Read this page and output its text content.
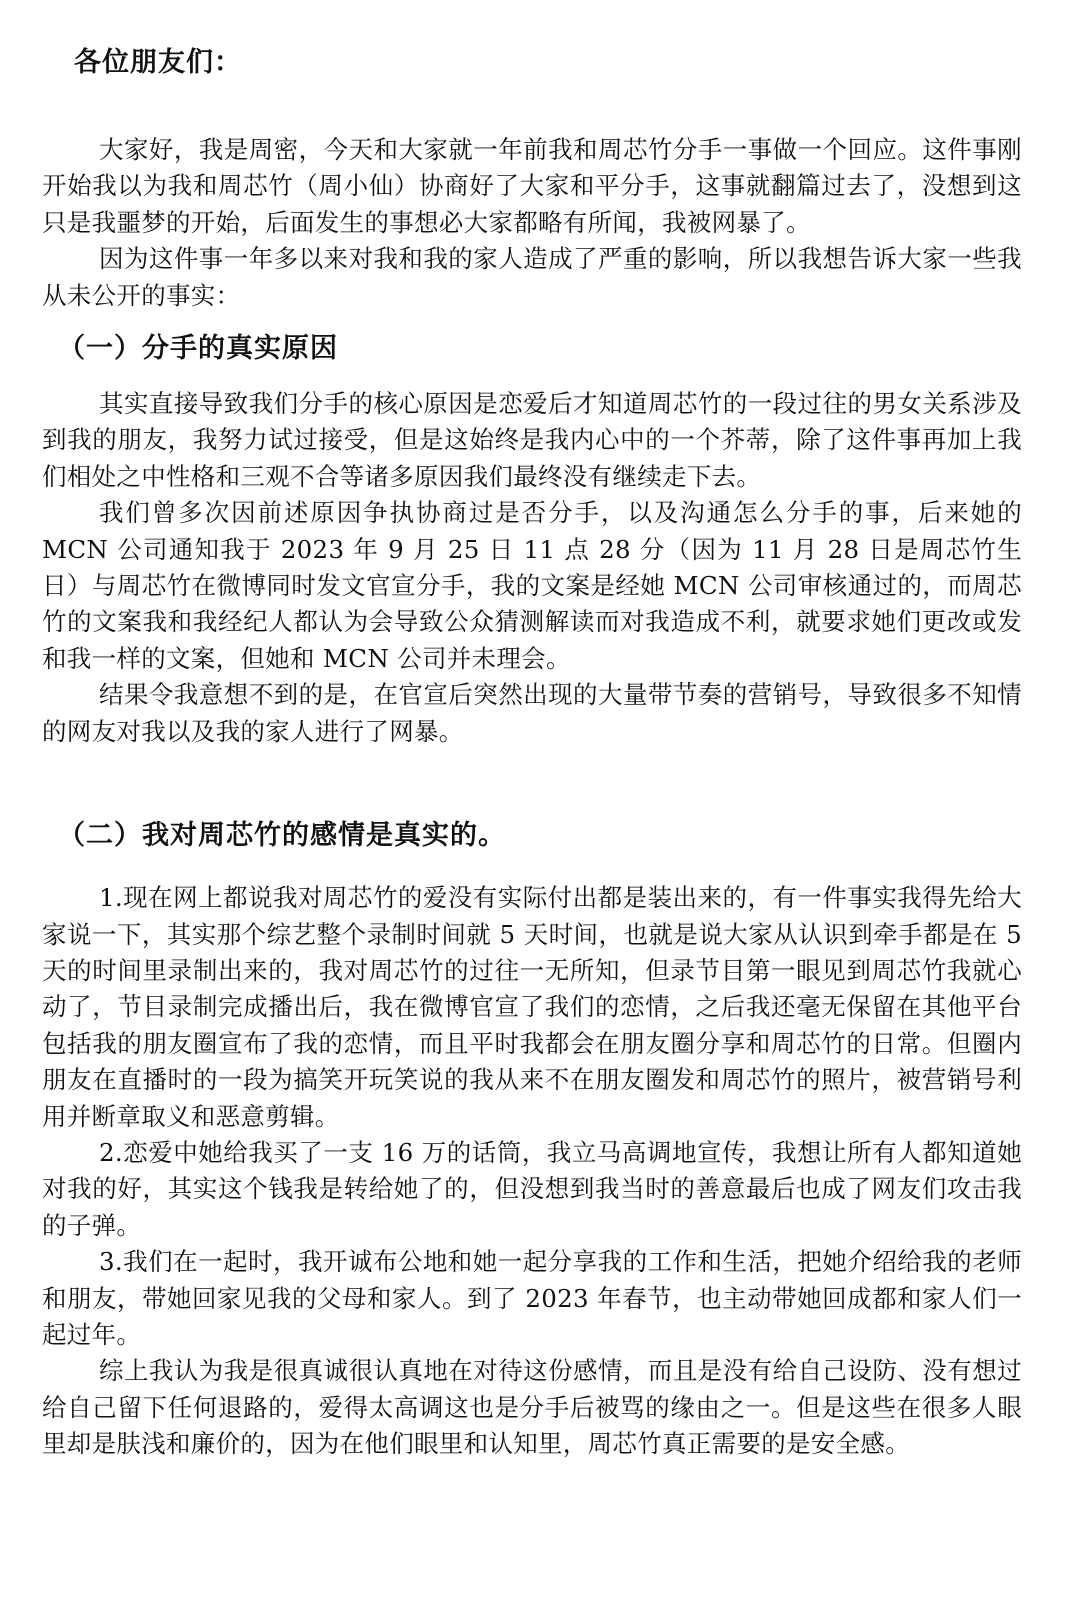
各位朋友们：

大家好，我是周密，今天和大家就一年前我和周芯竹分手一事做一个回应。这件事刚开始我以为我和周芯竹（周小仙）协商好了大家和平分手，这事就翻篇过去了，没想到这只是我噩梦的开始，后面发生的事想必大家都略有所闻，我被网暴了。

因为这件事一年多以来对我和我的家人造成了严重的影响，所以我想告诉大家一些我从未公开的事实：

（一）分手的真实原因

其实直接导致我们分手的核心原因是恋爱后才知道周芯竹的一段过往的男女关系涉及到我的朋友，我努力试过接受，但是这始终是我内心中的一个芥蒂，除了这件事再加上我们相处之中性格和三观不合等诸多原因我们最终没有继续走下去。

我们曾多次因前述原因争执协商过是否分手，以及沟通怎么分手的事，后来她的 MCN 公司通知我于 2023 年 9 月 25 日 11 点 28 分（因为 11 月 28 日是周芯竹生日）与周芯竹在微博同时发文官宣分手，我的文案是经她 MCN 公司审核通过的，而周芯竹的文案我和我经纪人都认为会导致公众猜测解读而对我造成不利，就要求她们更改或发和我一样的文案，但她和 MCN 公司并未理会。

结果令我意想不到的是，在官宣后突然出现的大量带节奏的营销号，导致很多不知情的网友对我以及我的家人进行了网暴。

（二）我对周芯竹的感情是真实的。

1.现在网上都说我对周芯竹的爱没有实际付出都是装出来的，有一件事实我得先给大家说一下，其实那个综艺整个录制时间就 5 天时间，也就是说大家从认识到牵手都是在 5 天的时间里录制出来的，我对周芯竹的过往一无所知，但录节目第一眼见到周芯竹我就心动了，节目录制完成播出后，我在微博官宣了我们的恋情，之后我还毫无保留在其他平台包括我的朋友圈宣布了我的恋情，而且平时我都会在朋友圈分享和周芯竹的日常。但圈内朋友在直播时的一段为搞笑开玩笑说的我从来不在朋友圈发和周芯竹的照片，被营销号利用并断章取义和恶意剪辑。

2.恋爱中她给我买了一支 16 万的话筒，我立马高调地宣传，我想让所有人都知道她对我的好，其实这个钱我是转给她了的，但没想到我当时的善意最后也成了网友们攻击我的子弹。

3.我们在一起时，我开诚布公地和她一起分享我的工作和生活，把她介绍给我的老师和朋友，带她回家见我的父母和家人。到了 2023 年春节，也主动带她回成都和家人们一起过年。

综上我认为我是很真诚很认真地在对待这份感情，而且是没有给自己设防、没有想过给自己留下任何退路的，爱得太高调这也是分手后被骂的缘由之一。但是这些在很多人眼里却是肤浅和廉价的，因为在他们眼里和认知里，周芯竹真正需要的是安全感。
